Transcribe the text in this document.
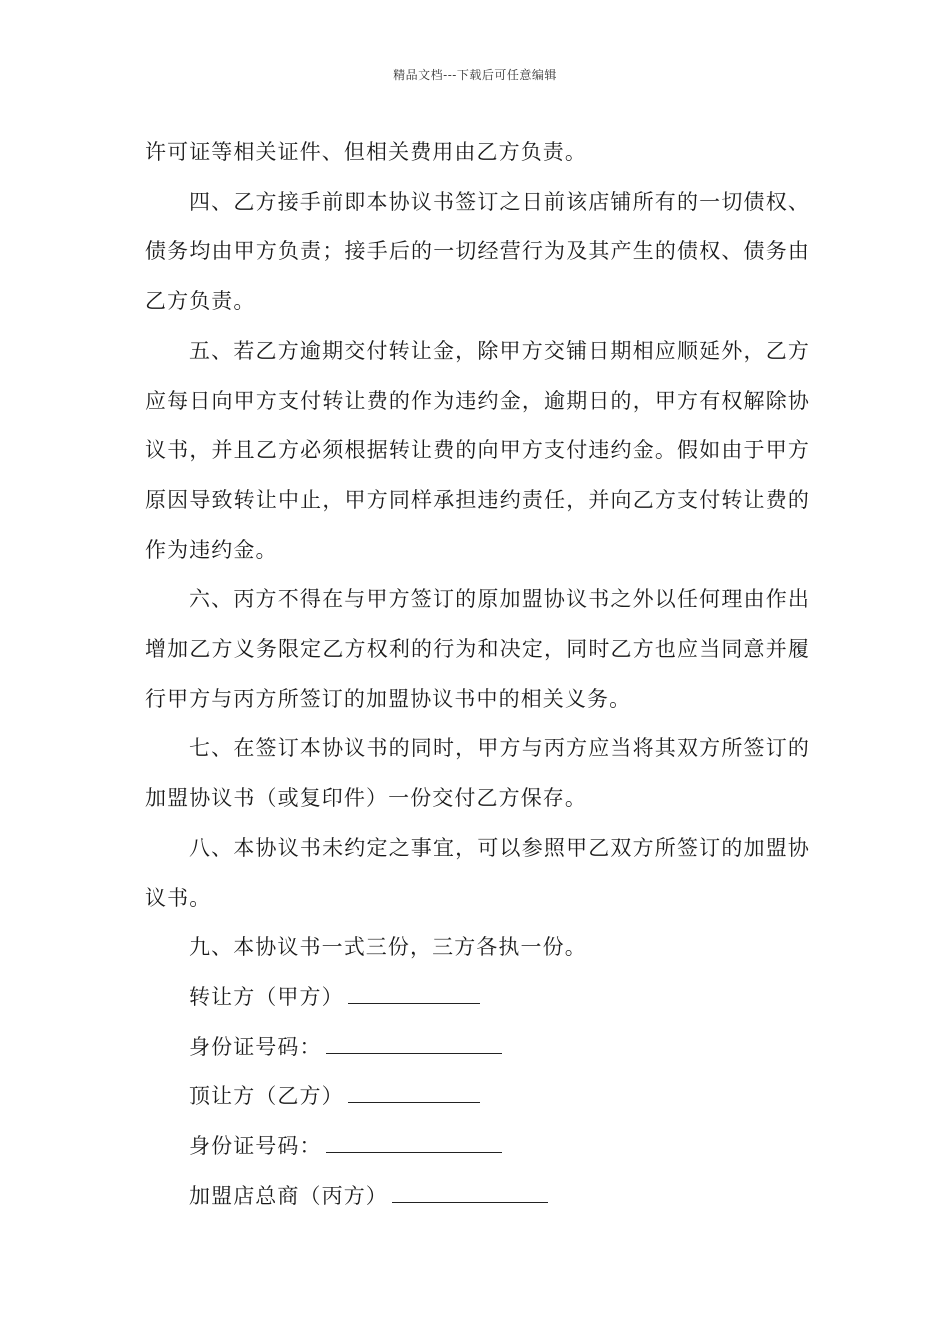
精品文档---下载后可任意编辑

许可证等相关证件、但相关费用由乙方负责。

四、乙方接手前即本协议书签订之日前该店铺所有的一切债权、债务均由甲方负责；接手后的一切经营行为及其产生的债权、债务由乙方负责。

五、若乙方逾期交付转让金，除甲方交铺日期相应顺延外，乙方应每日向甲方支付转让费的作为违约金，逾期日的，甲方有权解除协议书，并且乙方必须根据转让费的向甲方支付违约金。假如由于甲方原因导致转让中止，甲方同样承担违约责任，并向乙方支付转让费的作为违约金。

六、丙方不得在与甲方签订的原加盟协议书之外以任何理由作出增加乙方义务限定乙方权利的行为和决定，同时乙方也应当同意并履行甲方与丙方所签订的加盟协议书中的相关义务。

七、在签订本协议书的同时，甲方与丙方应当将其双方所签订的加盟协议书（或复印件）一份交付乙方保存。

八、本协议书未约定之事宜，可以参照甲乙双方所签订的加盟协议书。

九、本协议书一式三份，三方各执一份。

转让方（甲方）

身份证号码：

顶让方（乙方）

身份证号码：

加盟店总商（丙方）
